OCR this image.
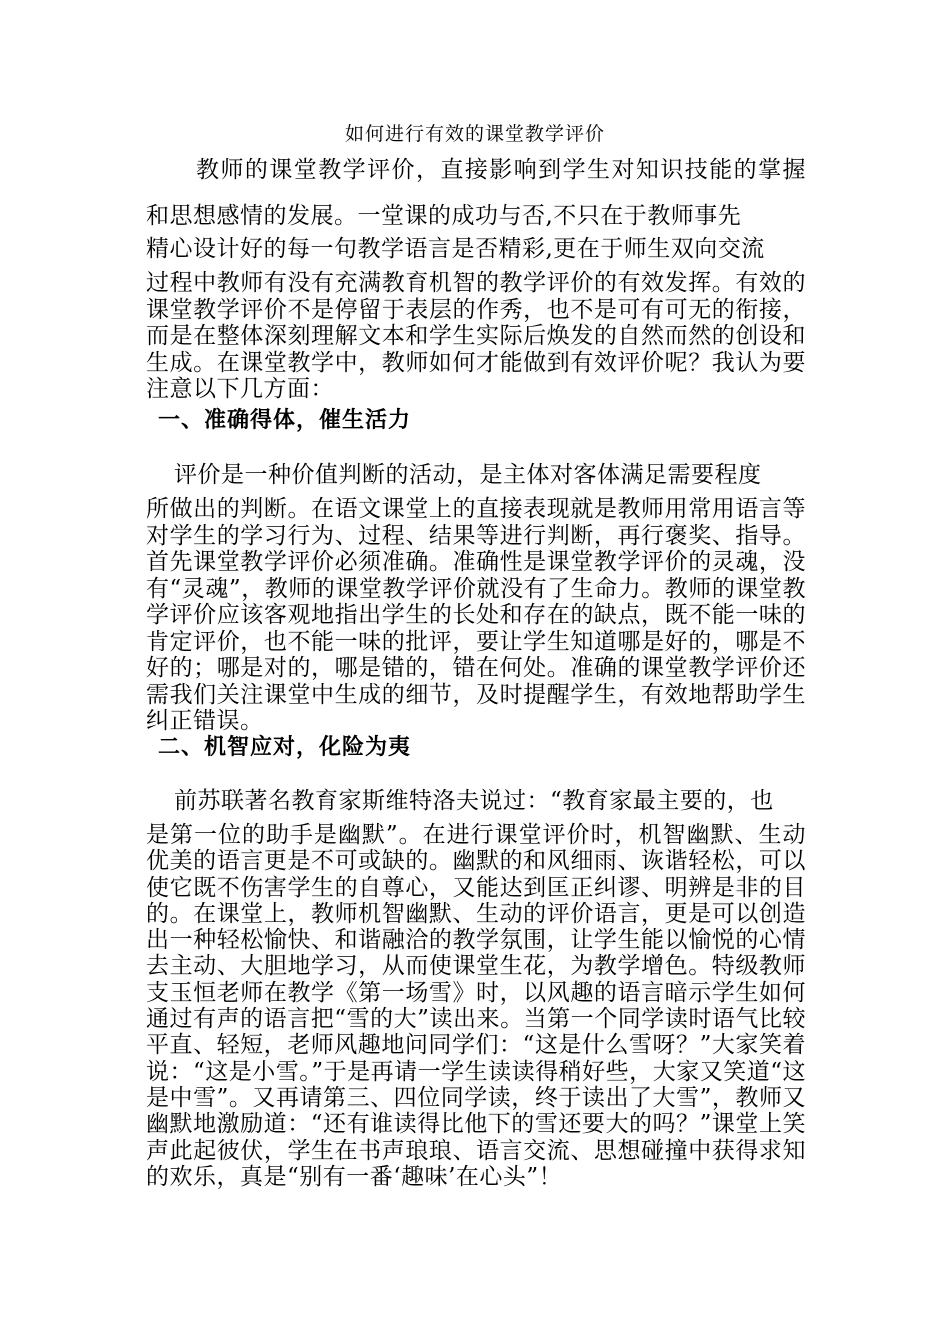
如何进行有效的课堂教学评价

教师的课堂教学评价，直接影响到学生对知识技能的掌握和思想感情的发展。一堂课的成功与否,不只在于教师事先

精心设计好的每一句教学语言是否精彩,更在于师生双向交流

过程中教师有没有充满教育机智的教学评价的有效发挥。有效的课堂教学评价不是停留于表层的作秀，也不是可有可无的衔接，而是在整体深刻理解文本和学生实际后焕发的自然而然的创设和生成。在课堂教学中，教师如何才能做到有效评价呢？我认为要注意以下几方面：

一、准确得体，催生活力

评价是一种价值判断的活动，是主体对客体满足需要程度

所做出的判断。在语文课堂上的直接表现就是教师用常用语言等对学生的学习行为、过程、结果等进行判断，再行褒奖、指导。首先课堂教学评价必须准确。准确性是课堂教学评价的灵魂，没有“灵魂”，教师的课堂教学评价就没有了生命力。教师的课堂教学评价应该客观地指出学生的长处和存在的缺点，既不能一味的肯定评价，也不能一味的批评，要让学生知道哪是好的，哪是不好的；哪是对的，哪是错的，错在何处。准确的课堂教学评价还需我们关注课堂中生成的细节，及时提醒学生，有效地帮助学生纠正错误。

二、机智应对，化险为夷

前苏联著名教育家斯维特洛夫说过：“教育家最主要的，也

是第一位的助手是幽默”。在进行课堂评价时，机智幽默、生动优美的语言更是不可或缺的。幽默的和风细雨、诙谐轻松，可以使它既不伤害学生的自尊心，又能达到匡正纠谬、明辨是非的目的。在课堂上，教师机智幽默、生动的评价语言，更是可以创造出一种轻松愉快、和谐融洽的教学氛围，让学生能以愉悦的心情去主动、大胆地学习，从而使课堂生花，为教学增色。特级教师支玉恒老师在教学《第一场雪》时，以风趣的语言暗示学生如何通过有声的语言把“雪的大”读出来。当第一个同学读时语气比较平直、轻短，老师风趣地问同学们：“这是什么雪呀？”大家笑着说：“这是小雪。”于是再请一学生读读得稍好些，大家又笑道“这是中雪”。又再请第三、四位同学读，终于读出了大雪”，教师又幽默地激励道：“还有谁读得比他下的雪还要大的吗？”课堂上笑声此起彼伏，学生在书声琅琅、语言交流、思想碰撞中获得求知的欢乐，真是“别有一番‘趣味’在心头”！
